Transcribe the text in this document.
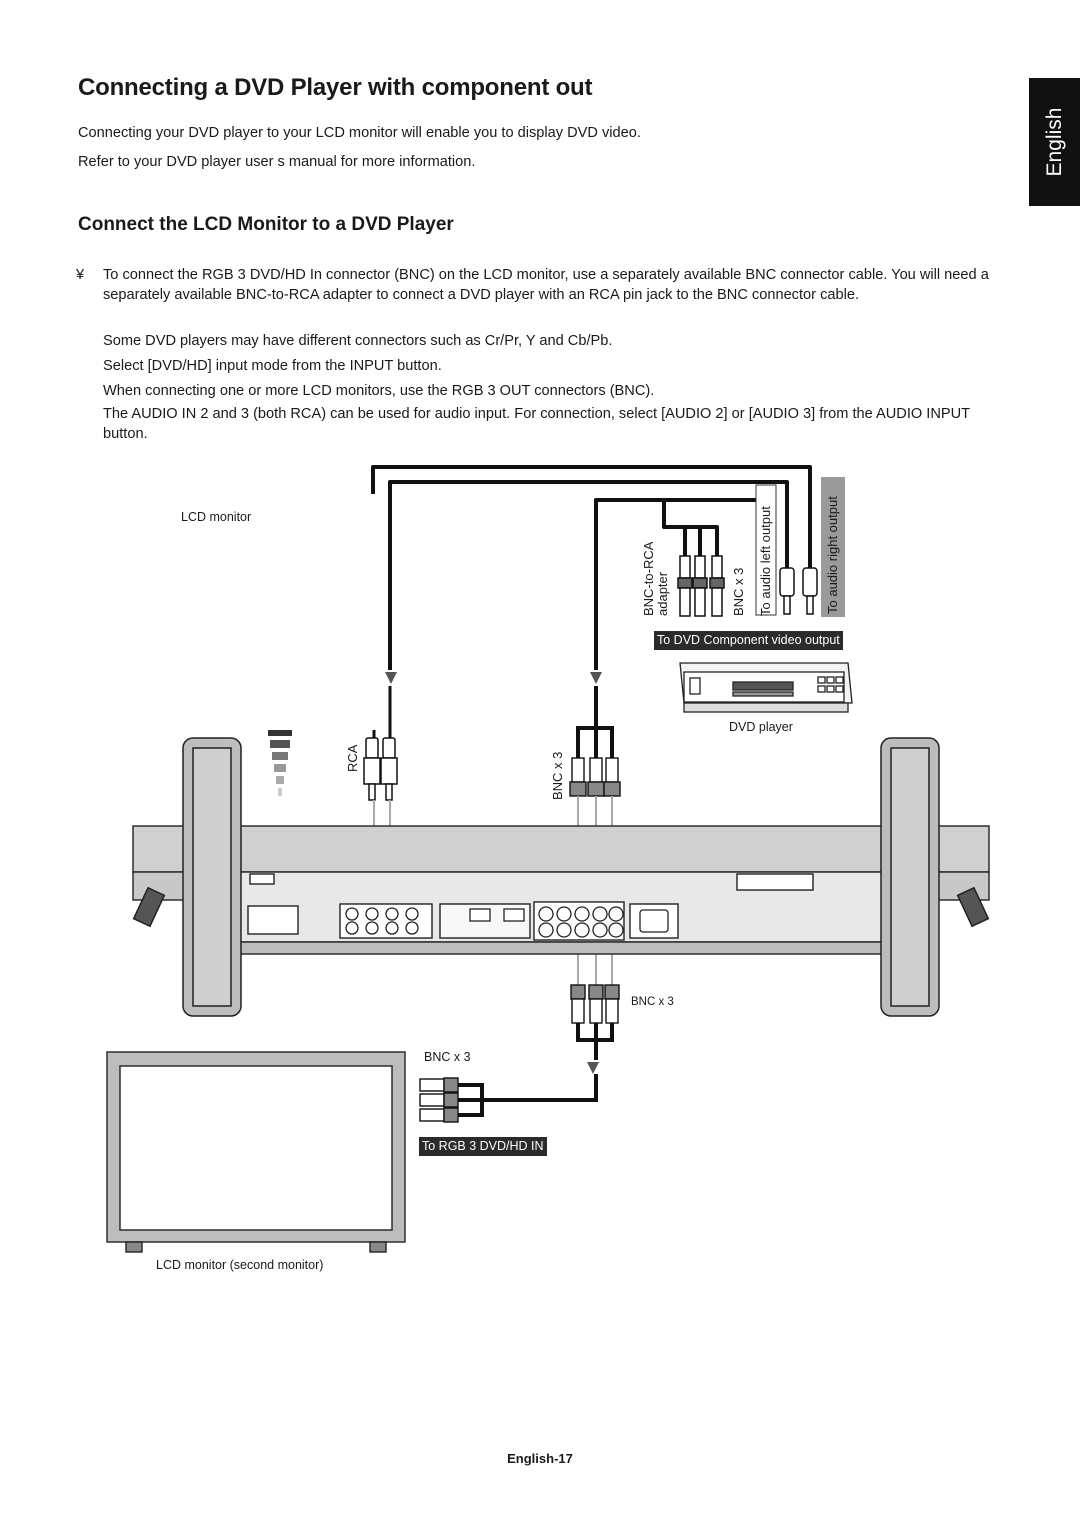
Connecting a DVD Player with component out
English
Connecting your DVD player to your LCD monitor will enable you to display DVD video.
Refer to your DVD player user s manual for more information.
Connect the LCD Monitor to a DVD Player
¥ To connect the RGB 3 DVD/HD In connector (BNC) on the LCD monitor, use a separately available BNC connector cable. You will need a separately available BNC-to-RCA adapter to connect a DVD player with an RCA pin jack to the BNC connector cable.
Some DVD players may have different connectors such as Cr/Pr, Y and Cb/Pb.
Select [DVD/HD] input mode from the INPUT button.
When connecting one or more LCD monitors, use the RGB 3 OUT connectors (BNC).
The AUDIO IN 2 and 3 (both RCA) can be used for audio input. For connection, select [AUDIO 2] or [AUDIO 3] from the AUDIO INPUT button.
LCD monitor
BNC-to-RCA adapter	BNC x 3 To audio left output	To audio right output
To DVD Component video output
DVD player
RCA	BNC x 3
BNC x 3
BNC x 3
To RGB 3 DVD/HD IN
LCD monitor (second monitor)
English-17
